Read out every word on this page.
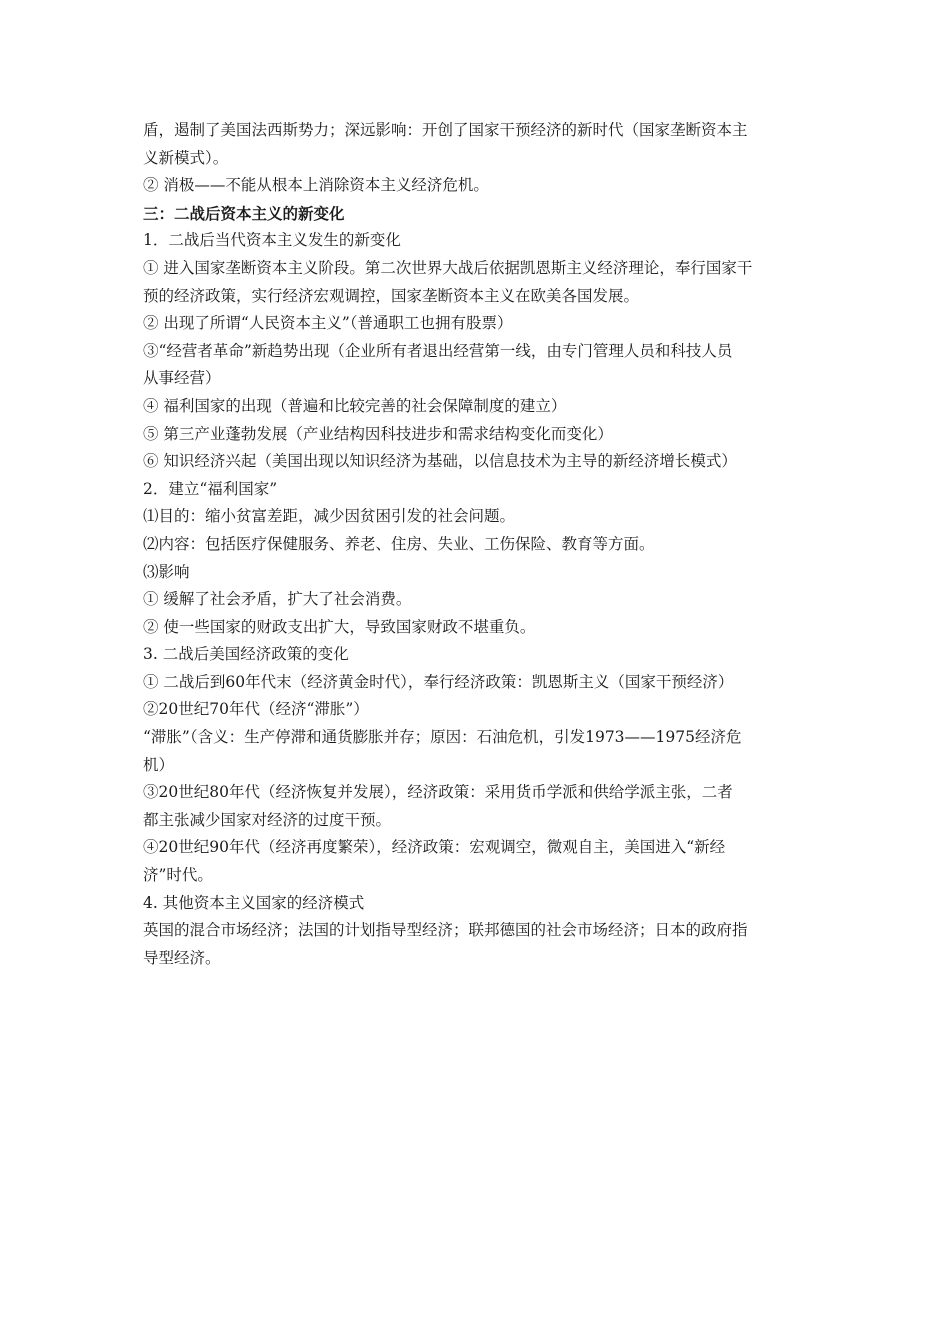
盾，遏制了美国法西斯势力；深远影响：开创了国家干预经济的新时代（国家垄断资本主

义新模式）。

② 消极——不能从根本上消除资本主义经济危机。

三：二战后资本主义的新变化

1．二战后当代资本主义发生的新变化

① 进入国家垄断资本主义阶段。第二次世界大战后依据凯恩斯主义经济理论，奉行国家干

预的经济政策，实行经济宏观调控，国家垄断资本主义在欧美各国发展。

② 出现了所谓“人民资本主义”（普通职工也拥有股票）

③“经营者革命”新趋势出现（企业所有者退出经营第一线，由专门管理人员和科技人员

从事经营）

④ 福利国家的出现（普遍和比较完善的社会保障制度的建立）

⑤ 第三产业蓬勃发展（产业结构因科技进步和需求结构变化而变化）

⑥ 知识经济兴起（美国出现以知识经济为基础，以信息技术为主导的新经济增长模式）

2．建立“福利国家”

⑴目的：缩小贫富差距，减少因贫困引发的社会问题。

⑵内容：包括医疗保健服务、养老、住房、失业、工伤保险、教育等方面。

⑶影响

① 缓解了社会矛盾，扩大了社会消费。

② 使一些国家的财政支出扩大，导致国家财政不堪重负。

3. 二战后美国经济政策的变化

① 二战后到60年代末（经济黄金时代），奉行经济政策：凯恩斯主义（国家干预经济）

②20世纪70年代（经济“滞胀”）

“滞胀”（含义：生产停滞和通货膨胀并存；原因：石油危机，引发1973——1975经济危

机）

③20世纪80年代（经济恢复并发展），经济政策：采用货币学派和供给学派主张，二者

都主张减少国家对经济的过度干预。

④20世纪90年代（经济再度繁荣），经济政策：宏观调空，微观自主，美国进入“新经

济”时代。

4. 其他资本主义国家的经济模式

英国的混合市场经济；法国的计划指导型经济；联邦德国的社会市场经济；日本的政府指

导型经济。
